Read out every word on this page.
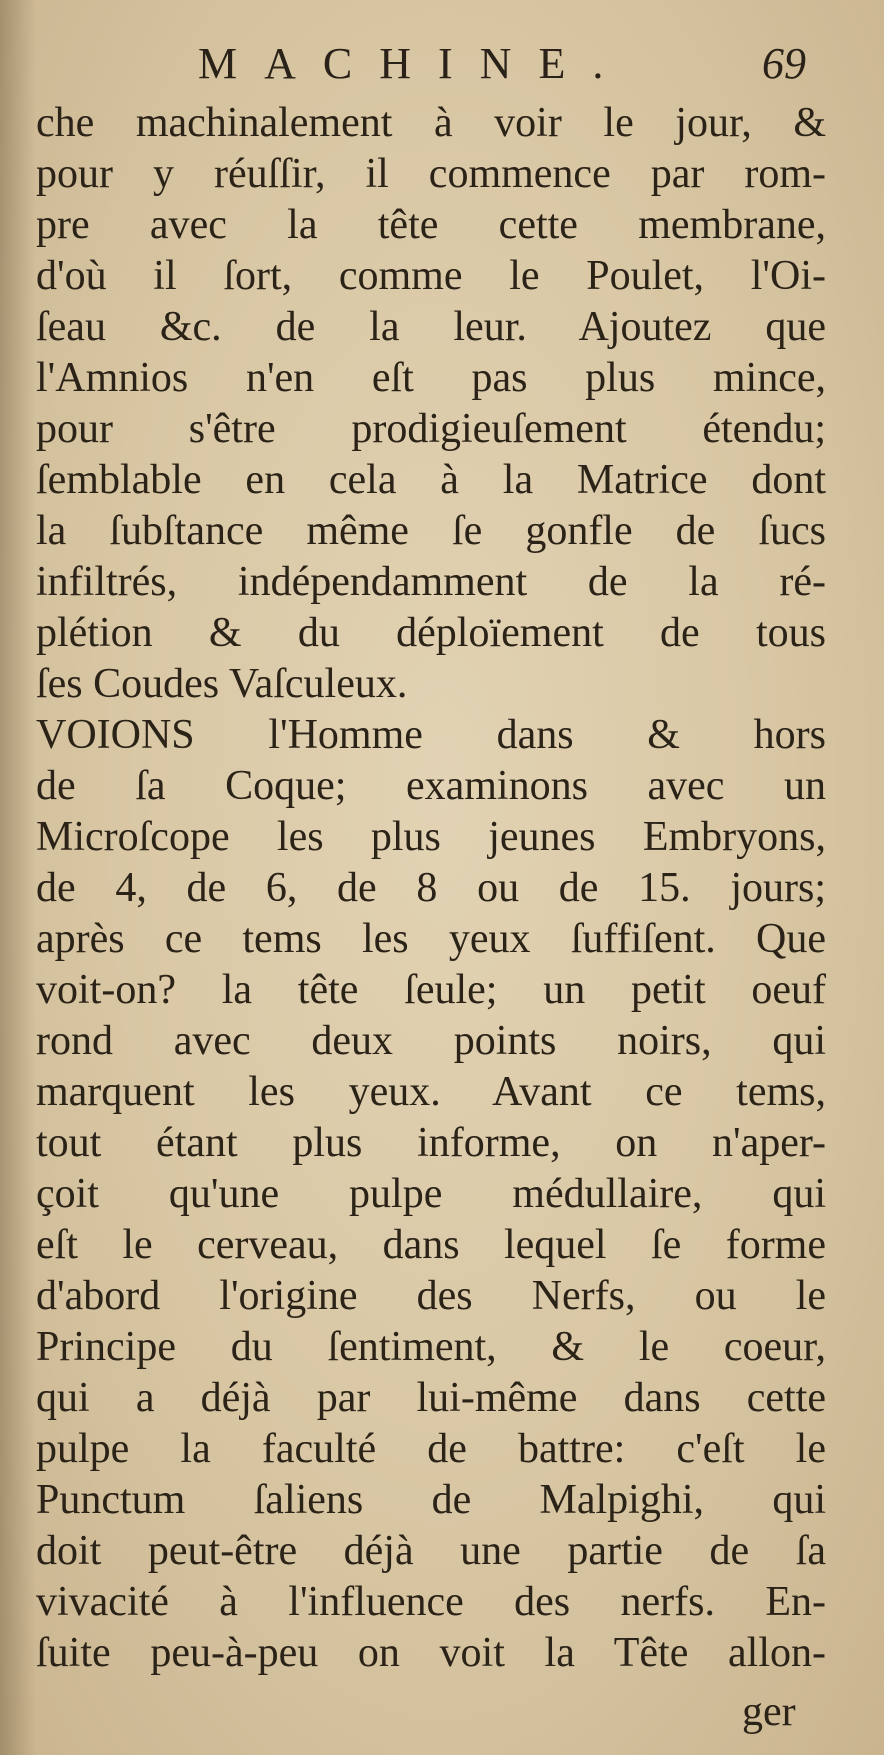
MACHINE.	69
che machinalement à voir le jour, &
pour y réuſſir, il commence par rom-
pre avec la tête cette membrane,
d'où il ſort, comme le Poulet, l'Oi-
ſeau &c. de la leur. Ajoutez que
l'Amnios n'en eſt pas plus mince,
pour s'être prodigieuſement étendu;
ſemblable en cela à la Matrice dont
la ſubſtance même ſe gonfle de ſucs
infiltrés, indépendamment de la ré-
plétion & du déploïement de tous
ſes Coudes Vaſculeux.
VOIONS l'Homme dans & hors
de ſa Coque; examinons avec un
Microſcope les plus jeunes Embryons,
de 4, de 6, de 8 ou de 15. jours;
après ce tems les yeux ſuffiſent. Que
voit-on? la tête ſeule; un petit oeuf
rond avec deux points noirs, qui
marquent les yeux. Avant ce tems,
tout étant plus informe, on n'aper-
çoit qu'une pulpe médullaire, qui
eſt le cerveau, dans lequel ſe forme
d'abord l'origine des Nerfs, ou le
Principe du ſentiment, & le coeur,
qui a déjà par lui-même dans cette
pulpe la faculté de battre: c'eſt le
Punctum ſaliens de Malpighi, qui
doit peut-être déjà une partie de ſa
vivacité à l'influence des nerfs. En-
ſuite peu-à-peu on voit la Tête allon-
ger
